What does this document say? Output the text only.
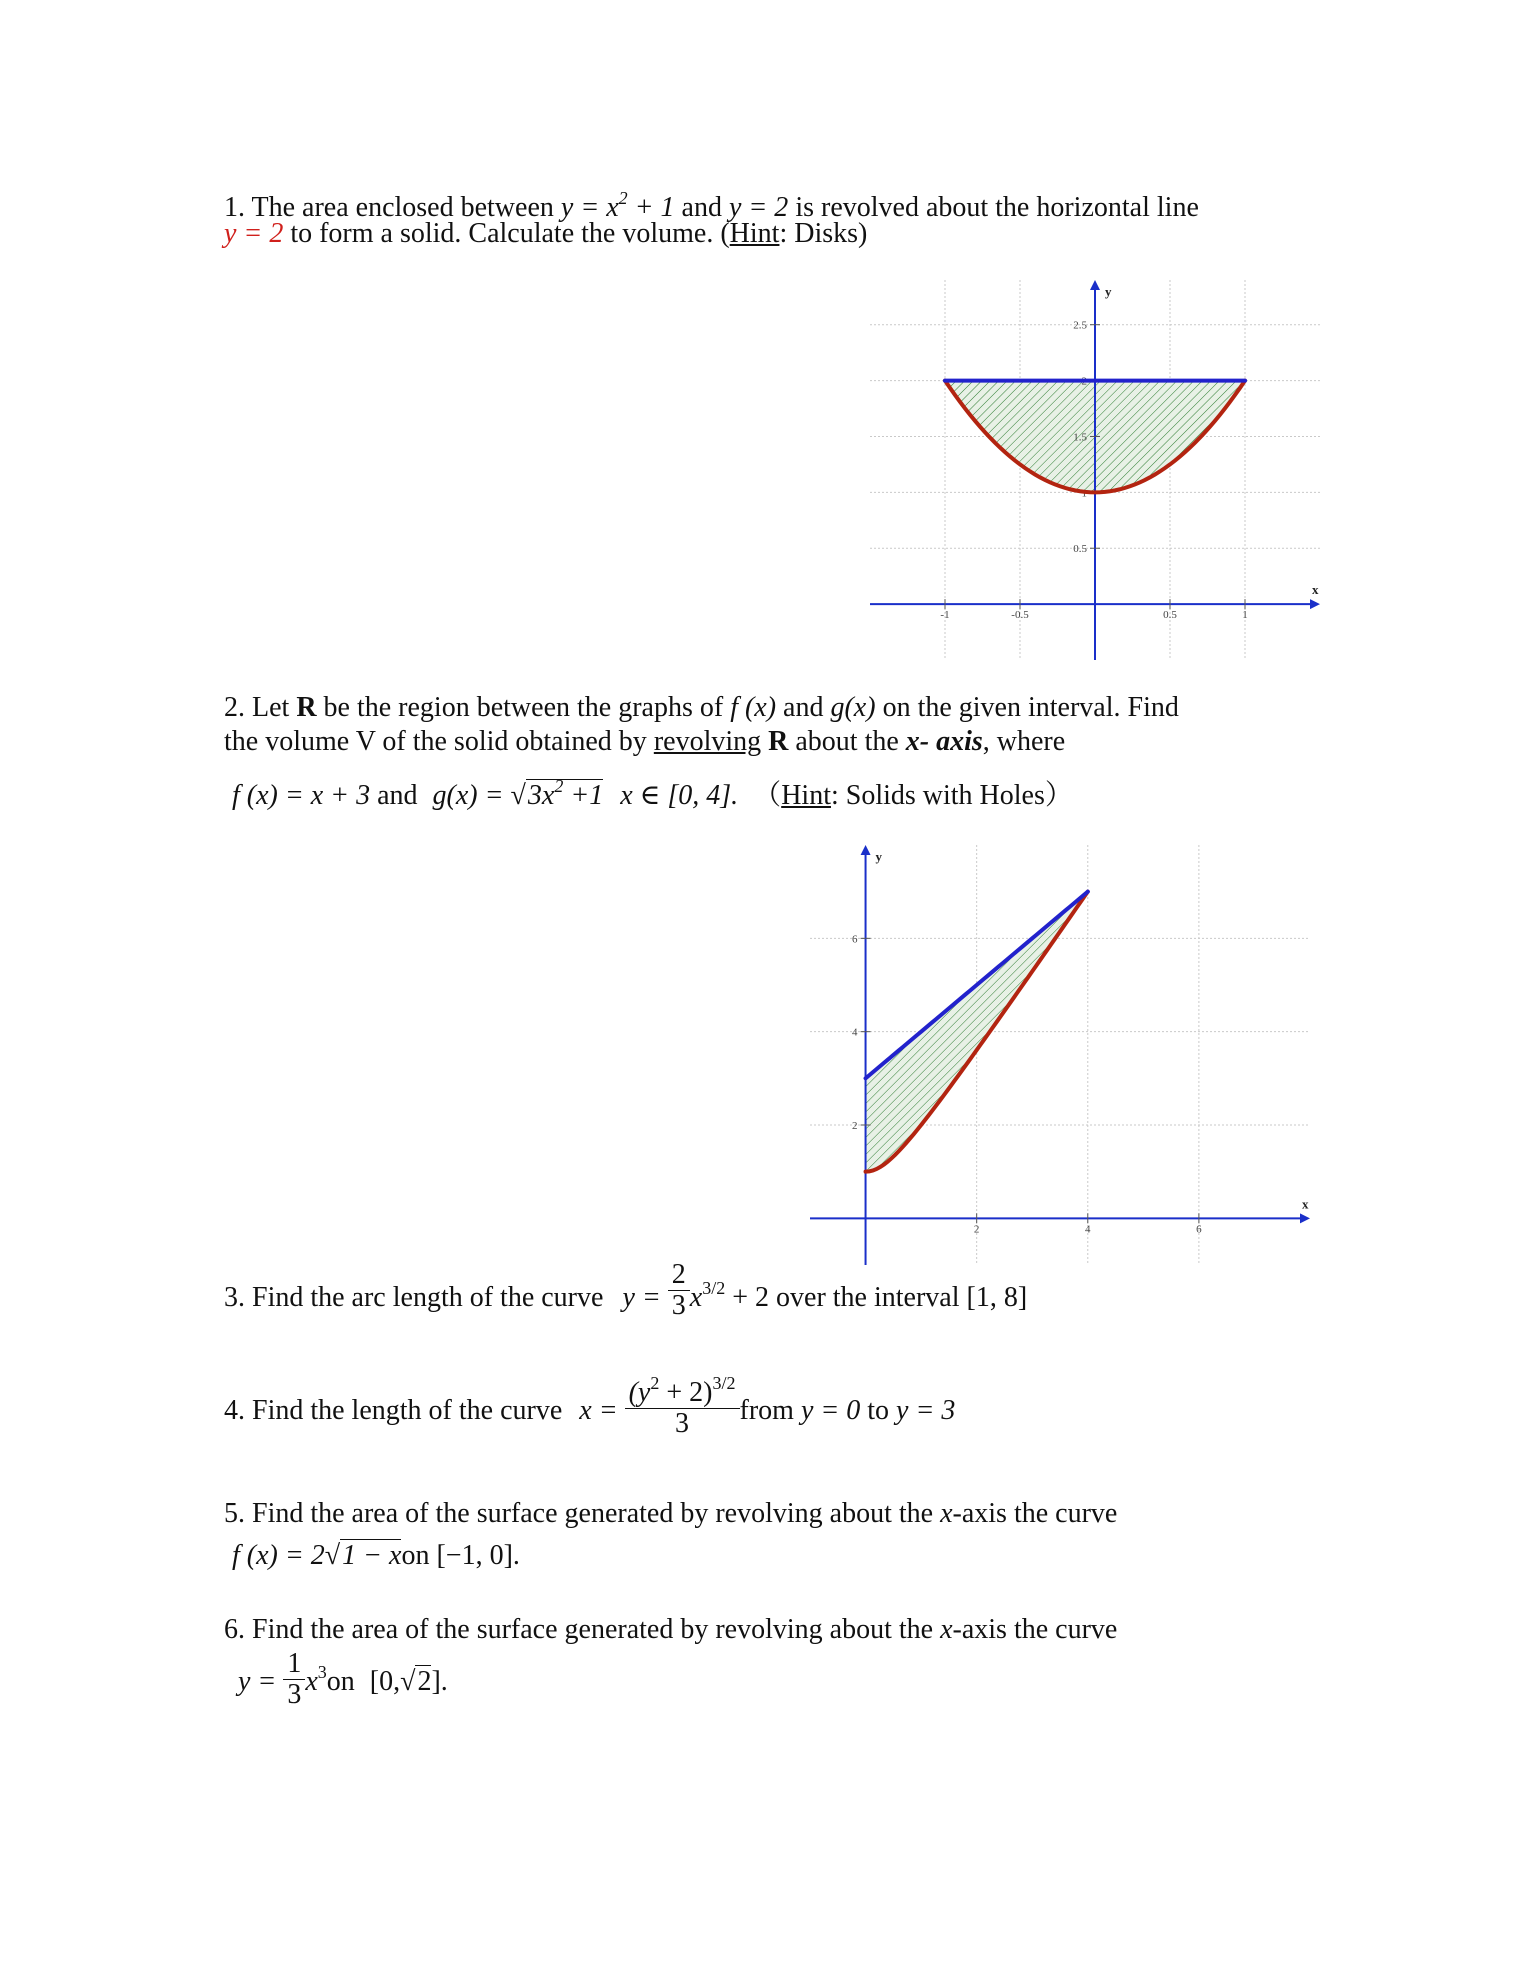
1. The area enclosed between $y = x^2 + 1$ and y = 2 is revolved about the horizontal line
y = 2 to form a solid. Calculate the volume. (Hint: Disks)
x
y
-1	-0.5	0.5	1
0.5
1
1.5
2
2.5
2. Let R be the region between the graphs of f (x) and g(x) on the given interval. Find
the volume V of the solid obtained by revolving R about the x- axis, where
f (x) = x + 3 and $g(x) = √3x^2 +1$ x ∈ [0, 4]. （Hint: Solids with Holes）
x
y
2	4	6
2
4
6
3. Find the arc length of the curve $y = \frac{2}{3} x^{3/2} + 2$ over the interval [1, 8]
4. Find the length of the curve $x = \frac{(y^2 + 2)^{3/2}}{3}$ from y = 0 to y = 3
5. Find the area of the surface generated by revolving about the x-axis the curve
f (x) = 2√1 − xon [−1, 0].
6. Find the area of the surface generated by revolving about the x-axis the curve
$y = \frac{1}{3} x^3on$ [0,√2].
